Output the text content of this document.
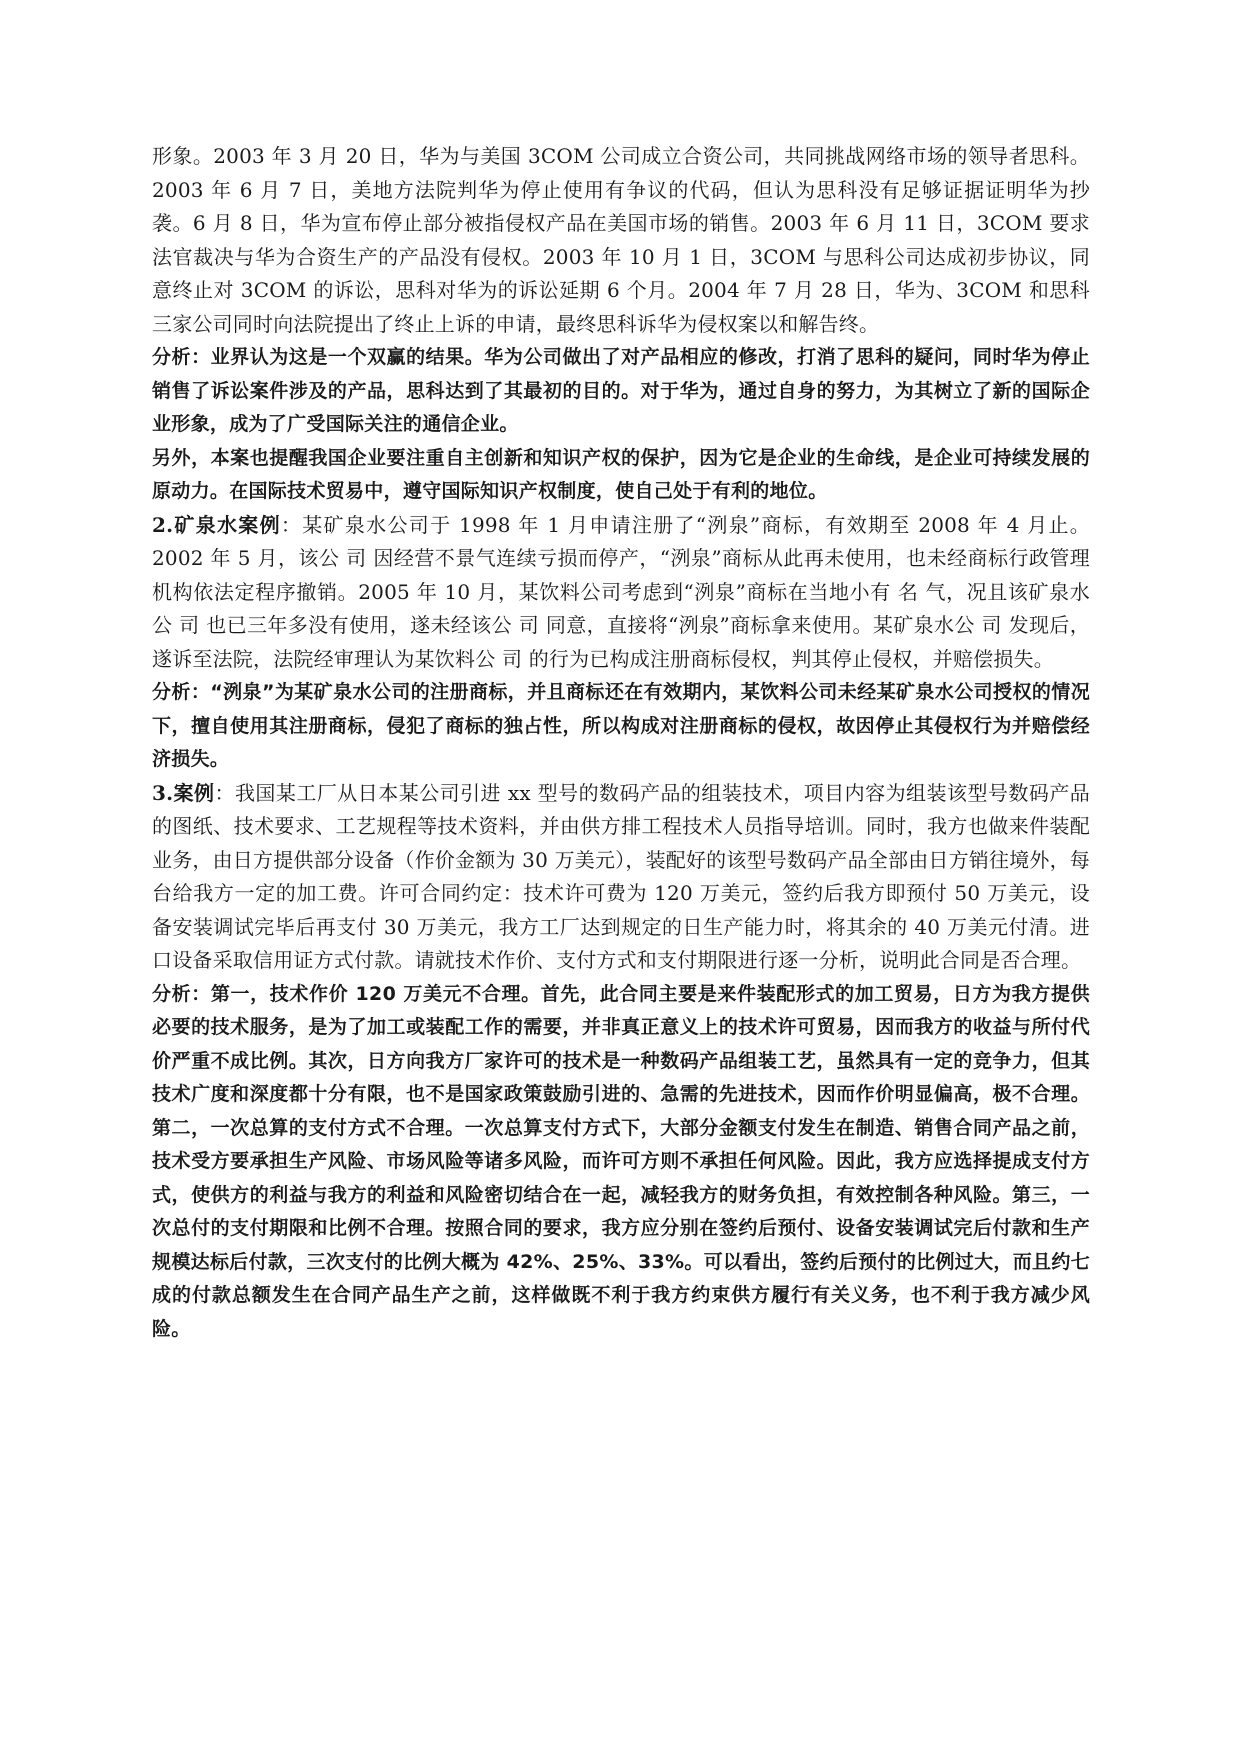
形象。2003 年 3 月 20 日，华为与美国 3COM 公司成立合资公司，共同挑战网络市场的领导者思科。2003 年 6 月 7 日，美地方法院判华为停止使用有争议的代码，但认为思科没有足够证据证明华为抄袭。6 月 8 日，华为宣布停止部分被指侵权产品在美国市场的销售。2003 年 6 月 11 日，3COM 要求法官裁决与华为合资生产的产品没有侵权。2003 年 10 月 1 日，3COM 与思科公司达成初步协议，同意终止对 3COM 的诉讼，思科对华为的诉讼延期 6 个月。2004 年 7 月 28 日，华为、3COM 和思科三家公司同时向法院提出了终止上诉的申请，最终思科诉华为侵权案以和解告终。

分析：业界认为这是一个双赢的结果。华为公司做出了对产品相应的修改，打消了思科的疑问，同时华为停止销售了诉讼案件涉及的产品，思科达到了其最初的目的。对于华为，通过自身的努力，为其树立了新的国际企业形象，成为了广受国际关注的通信企业。

另外，本案也提醒我国企业要注重自主创新和知识产权的保护，因为它是企业的生命线，是企业可持续发展的原动力。在国际技术贸易中，遵守国际知识产权制度，使自己处于有利的地位。

2.矿泉水案例：某矿泉水公司于 1998 年 1 月申请注册了“洌泉”商标，有效期至 2008 年 4 月止。2002 年 5 月，该公 司 因经营不景气连续亏损而停产，“洌泉”商标从此再未使用，也未经商标行政管理机构依法定程序撤销。2005 年 10 月，某饮料公司考虑到“洌泉”商标在当地小有 名 气，况且该矿泉水公 司 也已三年多没有使用，遂未经该公 司 同意，直接将“洌泉”商标拿来使用。某矿泉水公 司 发现后，遂诉至法院，法院经审理认为某饮料公 司 的行为已构成注册商标侵权，判其停止侵权，并赔偿损失。

分析：“洌泉”为某矿泉水公司的注册商标，并且商标还在有效期内，某饮料公司未经某矿泉水公司授权的情况下，擅自使用其注册商标，侵犯了商标的独占性，所以构成对注册商标的侵权，故因停止其侵权行为并赔偿经济损失。

3.案例：我国某工厂从日本某公司引进 xx 型号的数码产品的组装技术，项目内容为组装该型号数码产品的图纸、技术要求、工艺规程等技术资料，并由供方排工程技术人员指导培训。同时，我方也做来件装配业务，由日方提供部分设备（作价金额为 30 万美元），装配好的该型号数码产品全部由日方销往境外，每台给我方一定的加工费。许可合同约定：技术许可费为 120 万美元，签约后我方即预付 50 万美元，设备安装调试完毕后再支付 30 万美元，我方工厂达到规定的日生产能力时，将其余的 40 万美元付清。进口设备采取信用证方式付款。请就技术作价、支付方式和支付期限进行逐一分析，说明此合同是否合理。

分析：第一，技术作价 120 万美元不合理。首先，此合同主要是来件装配形式的加工贸易，日方为我方提供必要的技术服务，是为了加工或装配工作的需要，并非真正意义上的技术许可贸易，因而我方的收益与所付代价严重不成比例。其次，日方向我方厂家许可的技术是一种数码产品组装工艺，虽然具有一定的竞争力，但其技术广度和深度都十分有限，也不是国家政策鼓励引进的、急需的先进技术，因而作价明显偏高，极不合理。第二，一次总算的支付方式不合理。一次总算支付方式下，大部分金额支付发生在制造、销售合同产品之前，技术受方要承担生产风险、市场风险等诸多风险，而许可方则不承担任何风险。因此，我方应选择提成支付方式，使供方的利益与我方的利益和风险密切结合在一起，减轻我方的财务负担，有效控制各种风险。第三，一次总付的支付期限和比例不合理。按照合同的要求，我方应分别在签约后预付、设备安装调试完后付款和生产规模达标后付款，三次支付的比例大概为 42%、25%、33%。可以看出，签约后预付的比例过大，而且约七成的付款总额发生在合同产品生产之前，这样做既不利于我方约束供方履行有关义务，也不利于我方减少风险。
